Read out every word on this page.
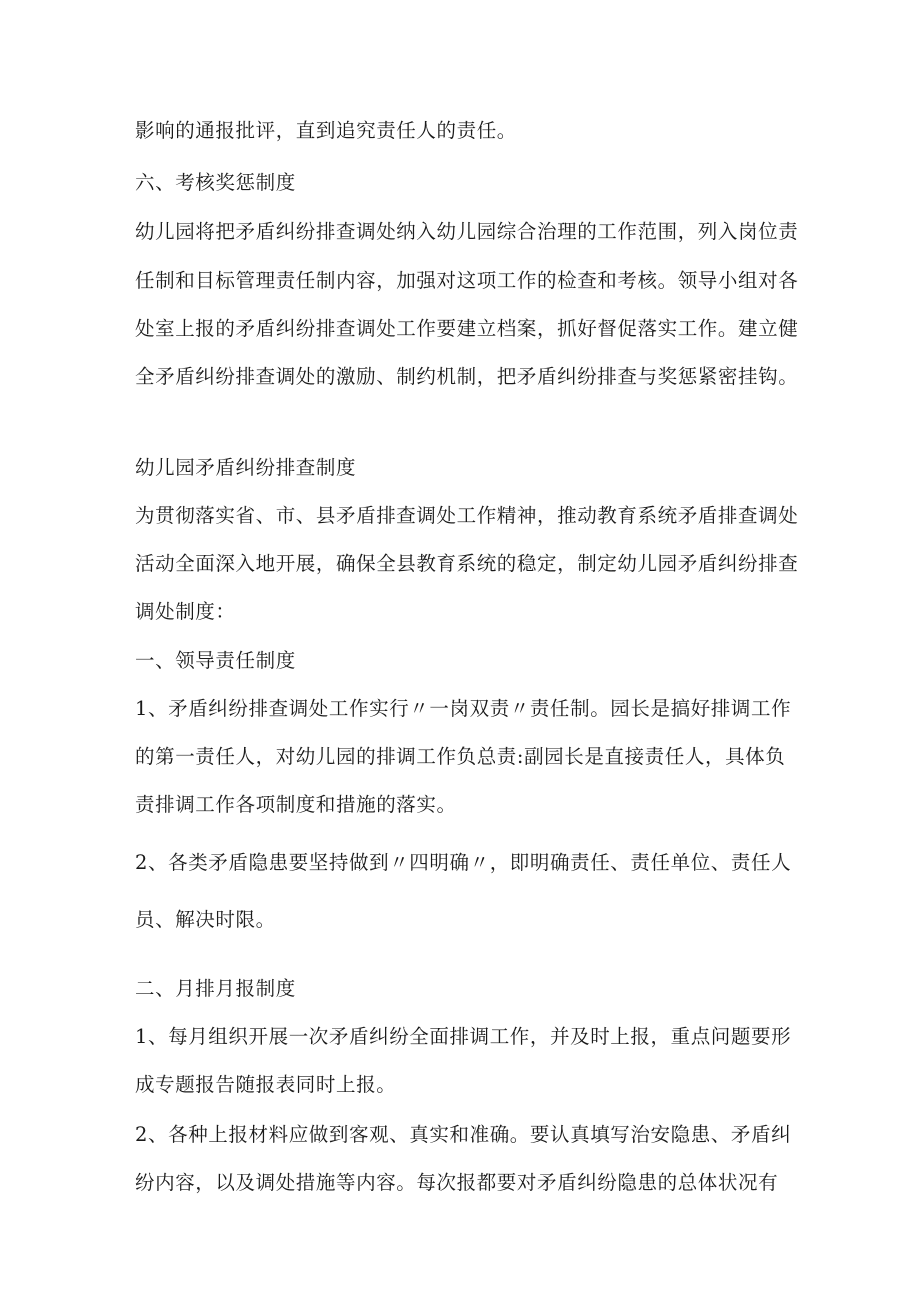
影响的通报批评，直到追究责任人的责任。

六、考核奖惩制度

幼儿园将把矛盾纠纷排查调处纳入幼儿园综合治理的工作范围，列入岗位责

任制和目标管理责任制内容，加强对这项工作的检查和考核。领导小组对各

处室上报的矛盾纠纷排查调处工作要建立档案，抓好督促落实工作。建立健

全矛盾纠纷排查调处的激励、制约机制，把矛盾纠纷排查与奖惩紧密挂钩。

幼儿园矛盾纠纷排查制度

为贯彻落实省、市、县矛盾排查调处工作精神，推动教育系统矛盾排查调处

活动全面深入地开展，确保全县教育系统的稳定，制定幼儿园矛盾纠纷排查

调处制度：

一、领导责任制度

1、矛盾纠纷排查调处工作实行〃一岗双责〃责任制。园长是搞好排调工作

的第一责任人，对幼儿园的排调工作负总责:副园长是直接责任人，具体负

责排调工作各项制度和措施的落实。

2、各类矛盾隐患要坚持做到〃四明确〃，即明确责任、责任单位、责任人

员、解决时限。

二、月排月报制度

1、每月组织开展一次矛盾纠纷全面排调工作，并及时上报，重点问题要形

成专题报告随报表同时上报。

2、各种上报材料应做到客观、真实和准确。要认真填写治安隐患、矛盾纠

纷内容，以及调处措施等内容。每次报都要对矛盾纠纷隐患的总体状况有
